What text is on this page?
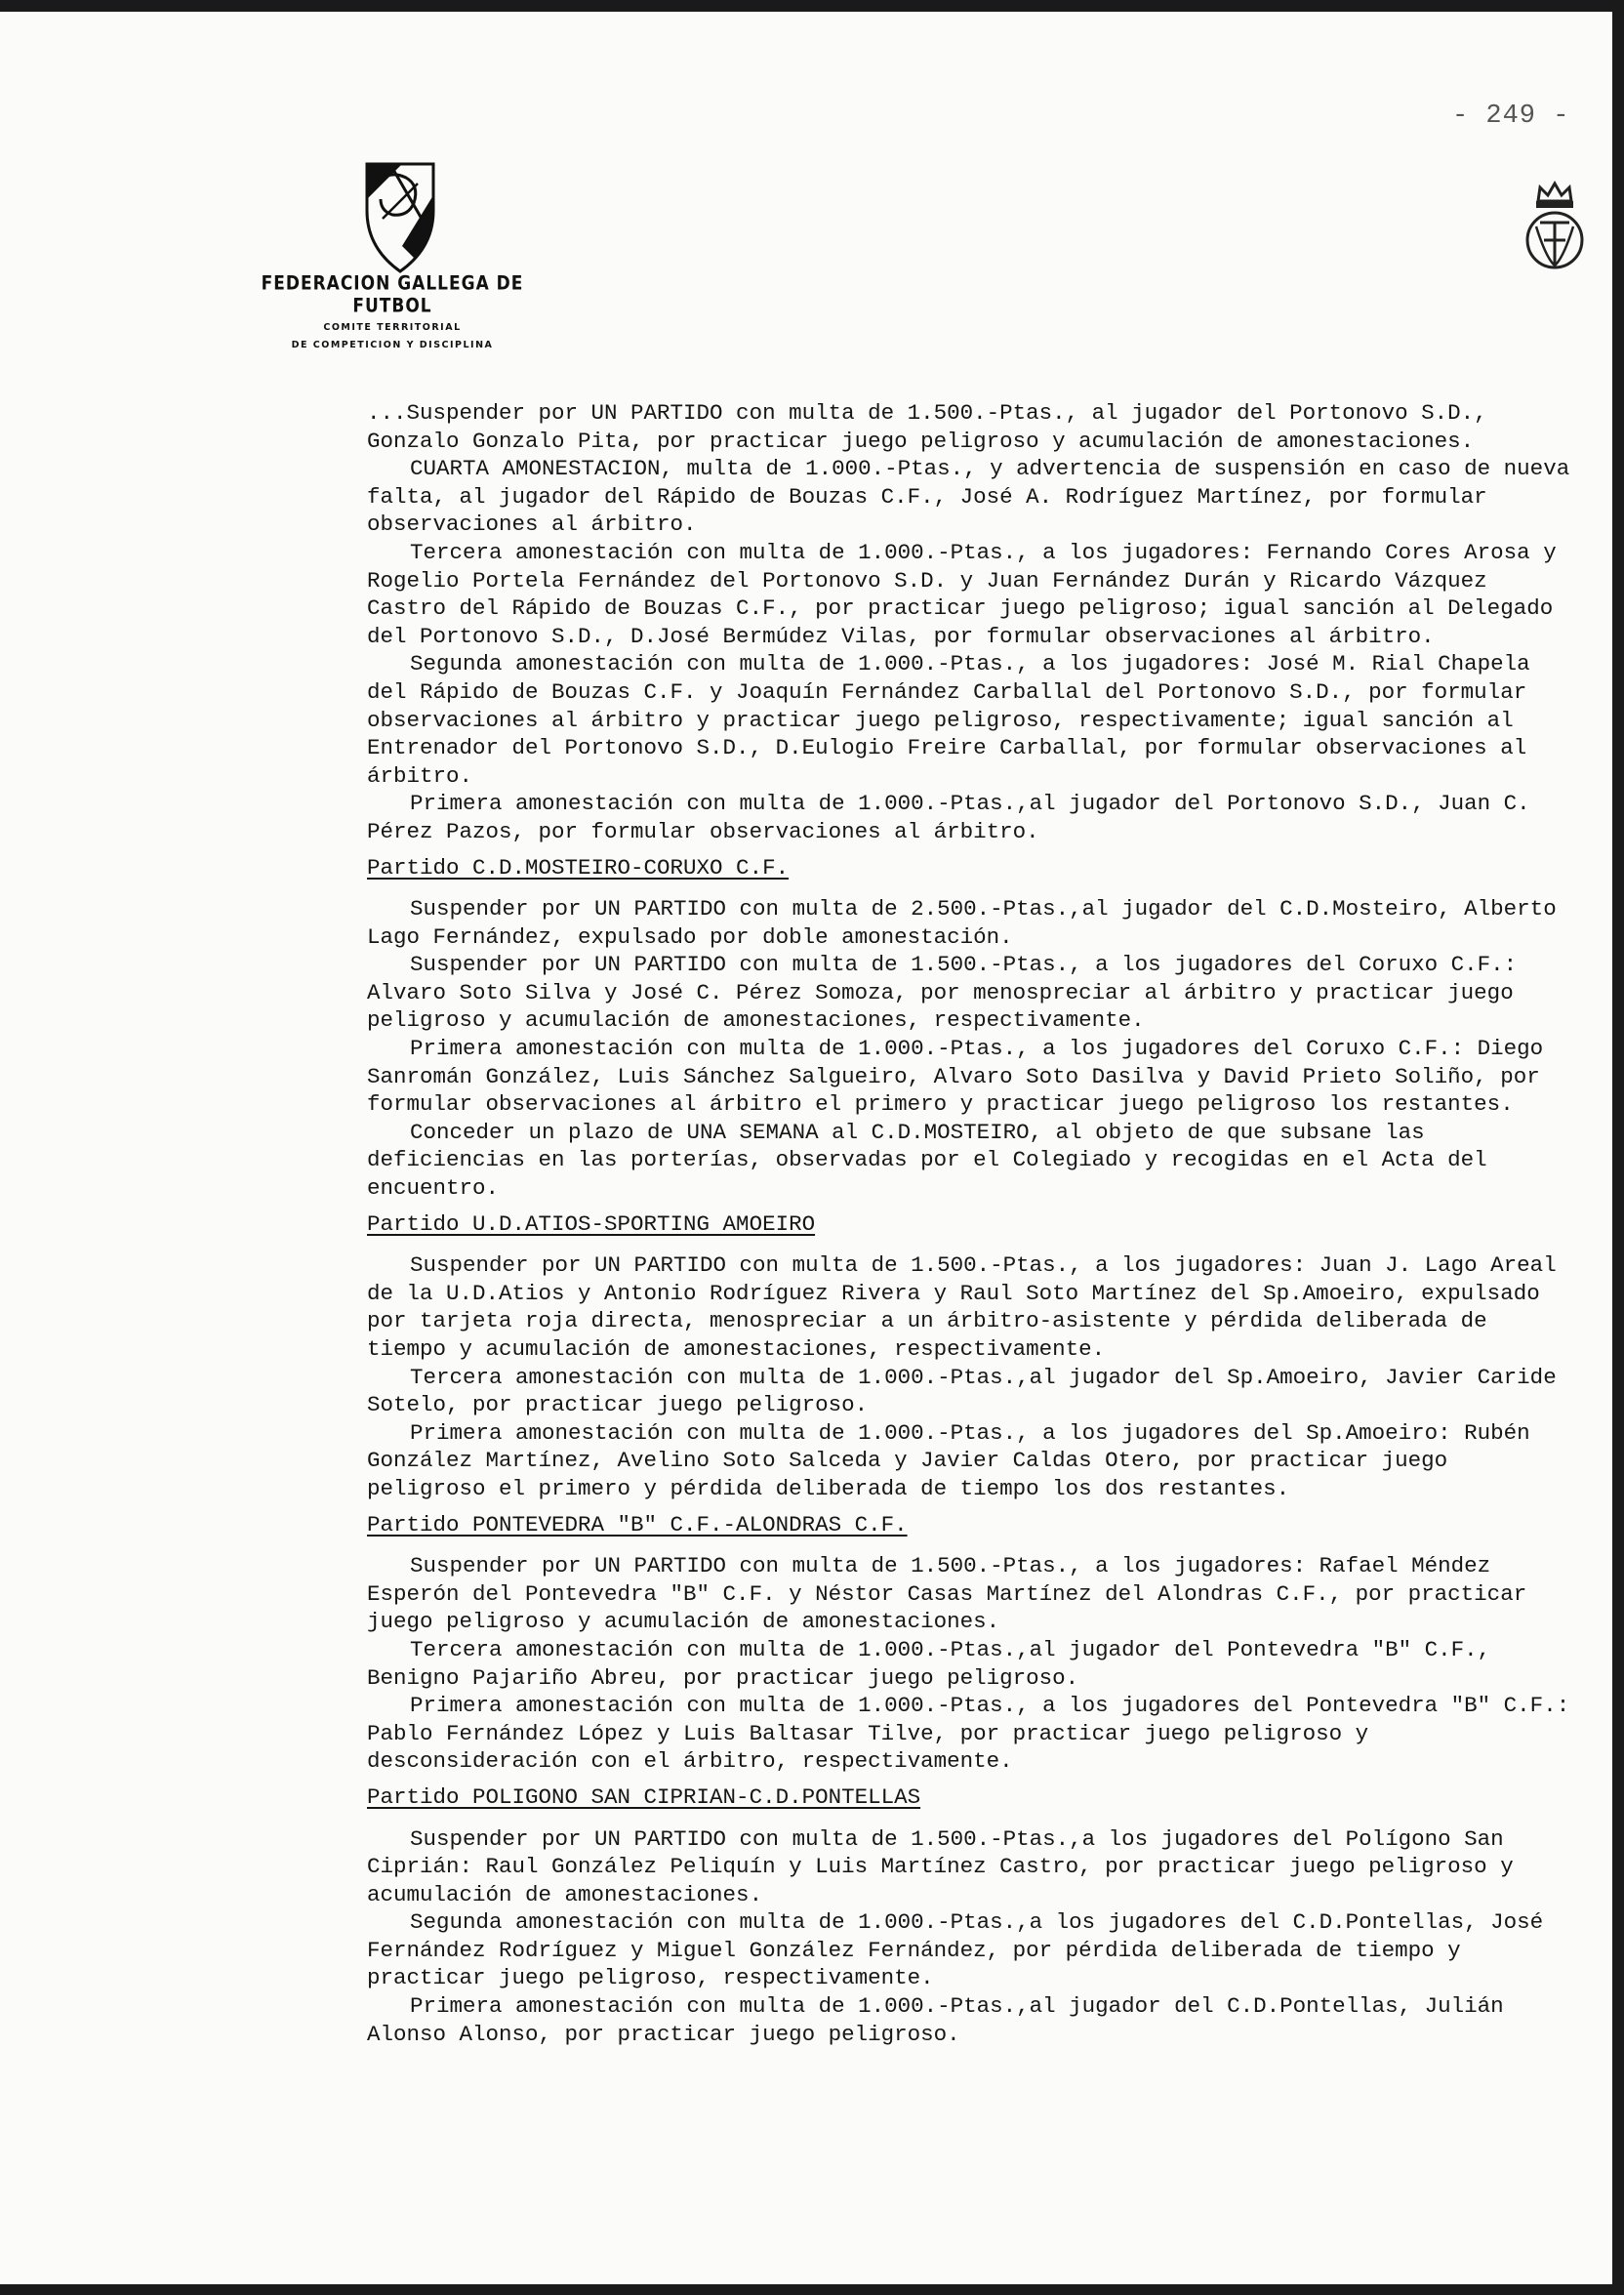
- 249 -
FEDERACION GALLEGA DE FUTBOL
COMITE TERRITORIAL
DE COMPETICION Y DISCIPLINA

...Suspender por UN PARTIDO con multa de 1.500.-Ptas., al jugador del Portonovo S.D., Gonzalo Gonzalo Pita, por practicar juego peligroso y acumulación de amonestaciones.

CUARTA AMONESTACION, multa de 1.000.-Ptas., y advertencia de suspensión en caso de nueva falta, al jugador del Rápido de Bouzas C.F., José A. Rodríguez Martínez, por formular observaciones al árbitro.

Tercera amonestación con multa de 1.000.-Ptas., a los jugadores: Fernando Cores Arosa y Rogelio Portela Fernández del Portonovo S.D. y Juan Fernández Durán y Ricardo Vázquez Castro del Rápido de Bouzas C.F., por practicar juego peligroso; igual sanción al Delegado del Portonovo S.D., D.José Bermúdez Vilas, por formular observaciones al árbitro.

Segunda amonestación con multa de 1.000.-Ptas., a los jugadores: José M. Rial Chapela del Rápido de Bouzas C.F. y Joaquín Fernández Carballal del Portonovo S.D., por formular observaciones al árbitro y practicar juego peligroso, respectivamente; igual sanción al Entrenador del Portonovo S.D., D.Eulogio Freire Carballal, por formular observaciones al árbitro.

Primera amonestación con multa de 1.000.-Ptas.,al jugador del Portonovo S.D., Juan C. Pérez Pazos, por formular observaciones al árbitro.

Partido C.D.MOSTEIRO-CORUXO C.F.

Suspender por UN PARTIDO con multa de 2.500.-Ptas.,al jugador del C.D.Mosteiro, Alberto Lago Fernández, expulsado por doble amonestación.

Suspender por UN PARTIDO con multa de 1.500.-Ptas., a los jugadores del Coruxo C.F.: Alvaro Soto Silva y José C. Pérez Somoza, por menospreciar al árbitro y practicar juego peligroso y acumulación de amonestaciones, respectivamente.

Primera amonestación con multa de 1.000.-Ptas., a los jugadores del Coruxo C.F.: Diego Sanromán González, Luis Sánchez Salgueiro, Alvaro Soto Dasilva y David Prieto Soliño, por formular observaciones al árbitro el primero y practicar juego peligroso los restantes.

Conceder un plazo de UNA SEMANA al C.D.MOSTEIRO, al objeto de que subsane las deficiencias en las porterías, observadas por el Colegiado y recogidas en el Acta del encuentro.

Partido U.D.ATIOS-SPORTING AMOEIRO

Suspender por UN PARTIDO con multa de 1.500.-Ptas., a los jugadores: Juan J. Lago Areal de la U.D.Atios y Antonio Rodríguez Rivera y Raul Soto Martínez del Sp.Amoeiro, expulsado por tarjeta roja directa, menospreciar a un árbitro-asistente y pérdida deliberada de tiempo y acumulación de amonestaciones, respectivamente.

Tercera amonestación con multa de 1.000.-Ptas.,al jugador del Sp.Amoeiro, Javier Caride Sotelo, por practicar juego peligroso.

Primera amonestación con multa de 1.000.-Ptas., a los jugadores del Sp.Amoeiro: Rubén González Martínez, Avelino Soto Salceda y Javier Caldas Otero, por practicar juego peligroso el primero y pérdida deliberada de tiempo los dos restantes.

Partido PONTEVEDRA "B" C.F.-ALONDRAS C.F.

Suspender por UN PARTIDO con multa de 1.500.-Ptas., a los jugadores: Rafael Méndez Esperón del Pontevedra "B" C.F. y Néstor Casas Martínez del Alondras C.F., por practicar juego peligroso y acumulación de amonestaciones.

Tercera amonestación con multa de 1.000.-Ptas.,al jugador del Pontevedra "B" C.F., Benigno Pajariño Abreu, por practicar juego peligroso.

Primera amonestación con multa de 1.000.-Ptas., a los jugadores del Pontevedra "B" C.F.: Pablo Fernández López y Luis Baltasar Tilve, por practicar juego peligroso y desconsideración con el árbitro, respectivamente.

Partido POLIGONO SAN CIPRIAN-C.D.PONTELLAS

Suspender por UN PARTIDO con multa de 1.500.-Ptas.,a los jugadores del Polígono San Ciprián: Raul González Peliquín y Luis Martínez Castro, por practicar juego peligroso y acumulación de amonestaciones.

Segunda amonestación con multa de 1.000.-Ptas.,a los jugadores del C.D.Pontellas, José Fernández Rodríguez y Miguel González Fernández, por pérdida deliberada de tiempo y practicar juego peligroso, respectivamente.

Primera amonestación con multa de 1.000.-Ptas.,al jugador del C.D.Pontellas, Julián Alonso Alonso, por practicar juego peligroso.
